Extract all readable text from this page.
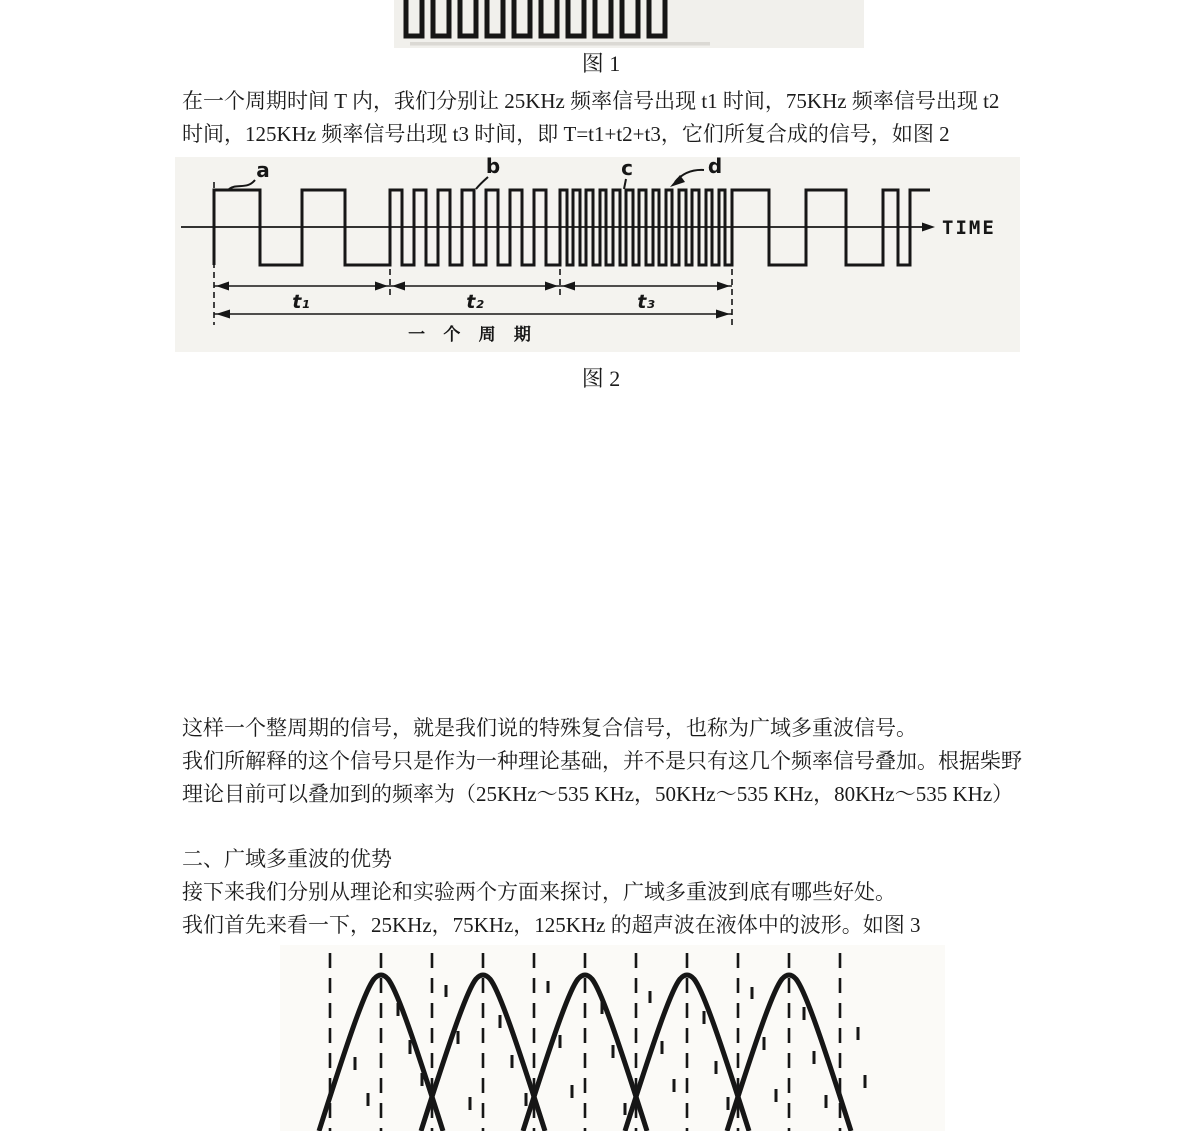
图 1
在一个周期时间 T 内，我们分别让 25KHz 频率信号出现 t1 时间，75KHz 频率信号出现 t2
时间，125KHz 频率信号出现 t3 时间，即 T=t1+t2+t3，它们所复合成的信号，如图 2
TIME
a	b	c	d
t₁	t₂	t₃
一 个 周 期
图 2
这样一个整周期的信号，就是我们说的特殊复合信号，也称为广域多重波信号。
我们所解释的这个信号只是作为一种理论基础，并不是只有这几个频率信号叠加。根据柴野
理论目前可以叠加到的频率为（25KHz～535 KHz，50KHz～535 KHz，80KHz～535 KHz）
二、广域多重波的优势
接下来我们分别从理论和实验两个方面来探讨，广域多重波到底有哪些好处。
我们首先来看一下，25KHz，75KHz，125KHz 的超声波在液体中的波形。如图 3
